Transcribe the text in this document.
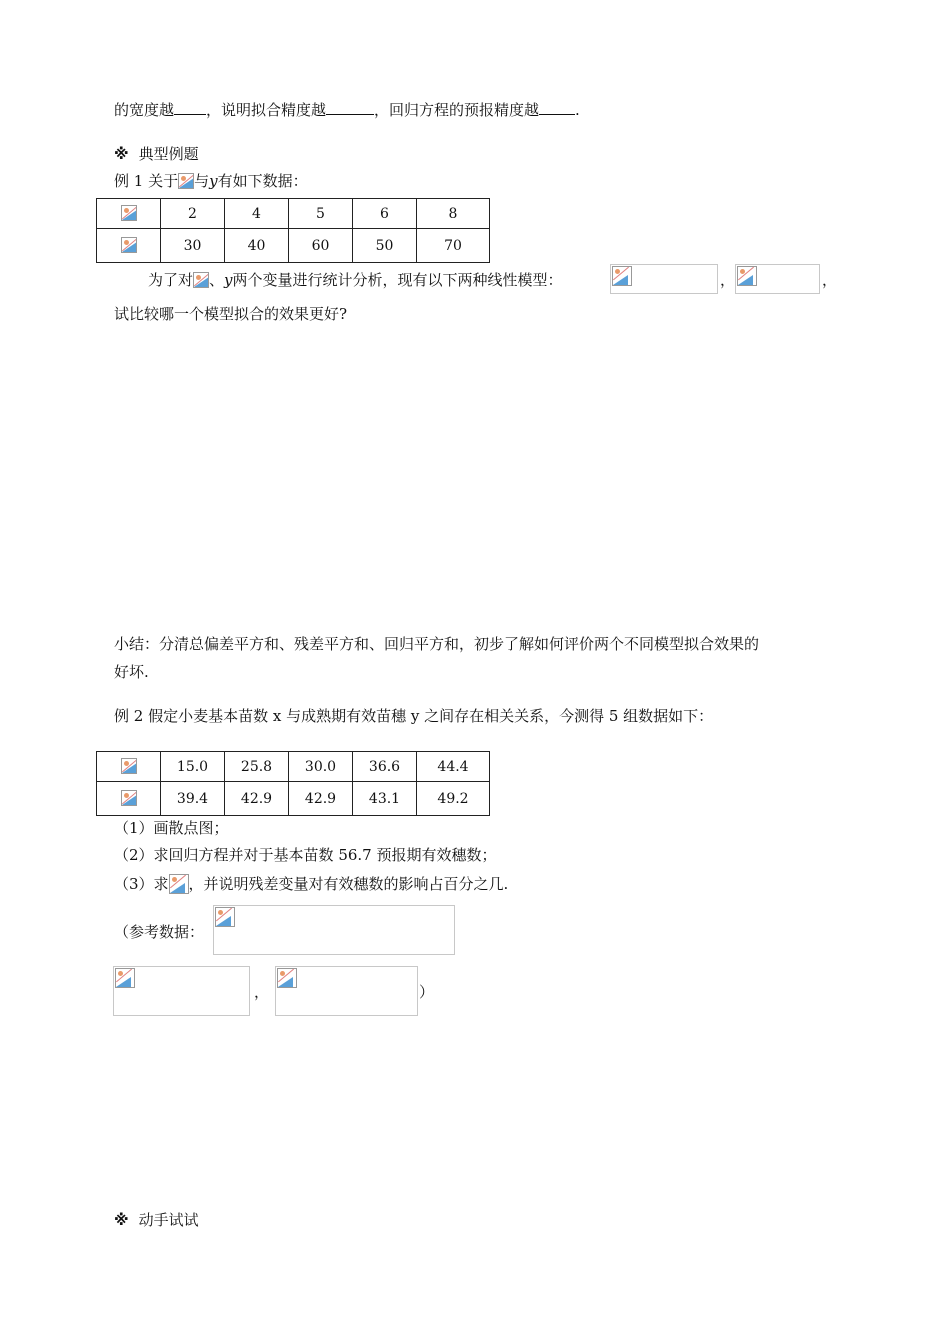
的宽度越 ，说明拟合精度越	，回归方程的预报精度越 .
※ 典型例题
例 1 关于 与y有如下数据：
	2	4	5	6	8

	30	40	60	50	70
为了对 、y两个变量进行统计分析，现有以下两种线性模型：	，	，
试比较哪一个模型拟合的效果更好?
小结：分清总偏差平方和、残差平方和、回归平方和，初步了解如何评价两个不同模型拟合效果的
好坏.
例 2 假定小麦基本苗数 x 与成熟期有效苗穗 y 之间存在相关关系，今测得 5 组数据如下：
	15.0	25.8	30.0	36.6	44.4

	39.4	42.9	42.9	43.1	49.2
（1）画散点图；
（2）求回归方程并对于基本苗数 56.7 预报期有效穗数；
（3）求 ，并说明残差变量对有效穗数的影响占百分之几.
（参考数据：
，	）
※ 动手试试
